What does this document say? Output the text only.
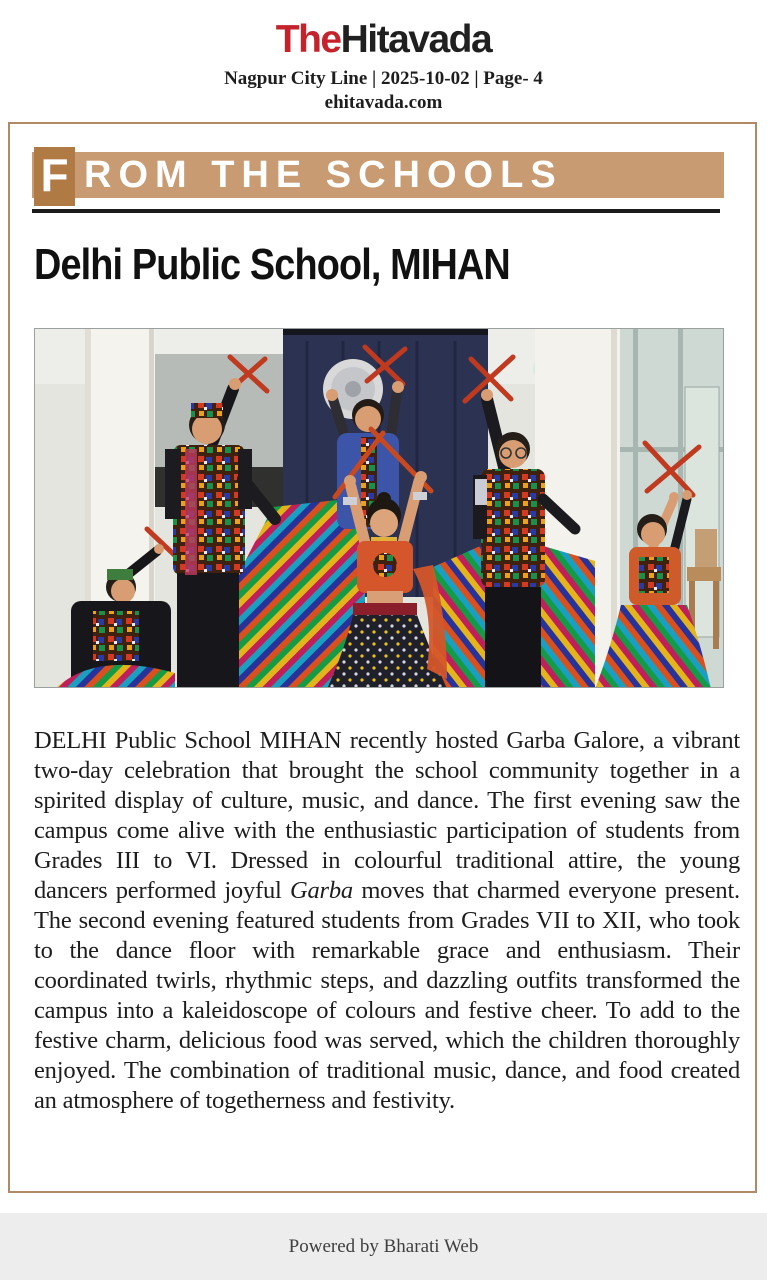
TheHitavada
Nagpur City Line | 2025-10-02 | Page- 4
ehitavada.com
F ROM THE SCHOOLS
Delhi Public School, MIHAN

DELHI Public School MIHAN recently hosted Garba Galore, a vibrant two-day celebration that brought the school community together in a spirited display of culture, music, and dance. The first evening saw the campus come alive with the enthusiastic participation of students from Grades III to VI. Dressed in colourful traditional attire, the young dancers performed joyful Garba moves that charmed everyone present. The second evening featured students from Grades VII to XII, who took to the dance floor with remarkable grace and enthusiasm. Their coordinated twirls, rhythmic steps, and dazzling outfits transformed the campus into a kaleidoscope of colours and festive cheer. To add to the festive charm, delicious food was served, which the children thoroughly enjoyed. The combination of traditional music, dance, and food created an atmosphere of togetherness and festivity.

Powered by Bharati Web
